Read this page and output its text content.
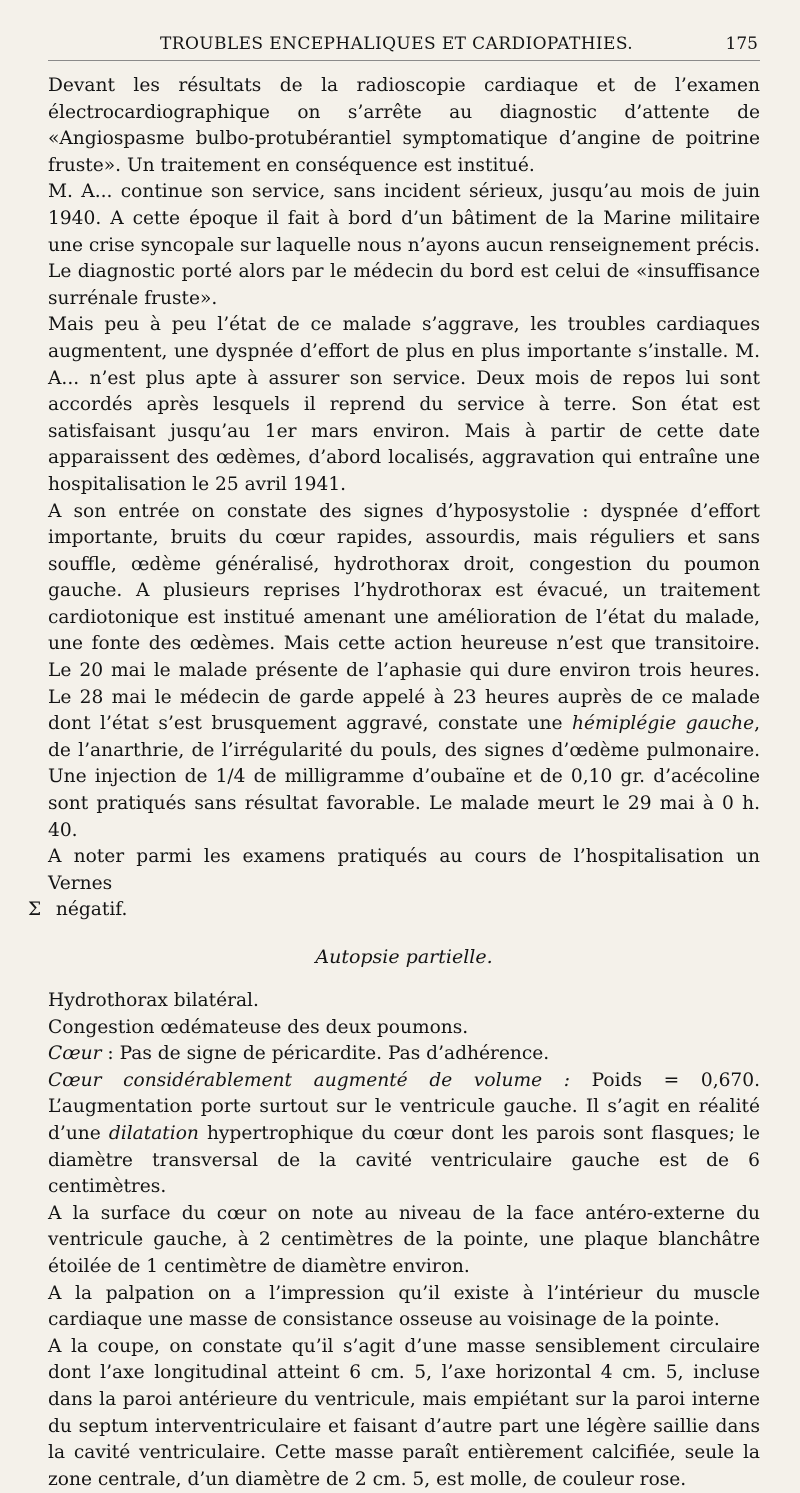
TROUBLES ENCEPHALIQUES ET CARDIOPATHIES.	175

Devant les résultats de la radioscopie cardiaque et de l’examen électrocardiographique on s’arrête au diagnostic d’attente de «Angiospasme bulbo-protubérantiel symptomatique d’angine de poitrine fruste». Un traitement en conséquence est institué.

M. A... continue son service, sans incident sérieux, jusqu’au mois de juin 1940. A cette époque il fait à bord d’un bâtiment de la Marine militaire une crise syncopale sur laquelle nous n’ayons aucun renseignement précis. Le diagnostic porté alors par le médecin du bord est celui de «insuffisance surrénale fruste».

Mais peu à peu l’état de ce malade s’aggrave, les troubles cardiaques augmentent, une dyspnée d’effort de plus en plus importante s’installe. M. A... n’est plus apte à assurer son service. Deux mois de repos lui sont accordés après lesquels il reprend du service à terre. Son état est satisfaisant jusqu’au 1er mars environ. Mais à partir de cette date apparaissent des œdèmes, d’abord localisés, aggravation qui entraîne une hospitalisation le 25 avril 1941.

A son entrée on constate des signes d’hyposystolie : dyspnée d’effort importante, bruits du cœur rapides, assourdis, mais réguliers et sans souffle, œdème généralisé, hydrothorax droit, congestion du poumon gauche. A plusieurs reprises l’hydrothorax est évacué, un traitement cardiotonique est institué amenant une amélioration de l’état du malade, une fonte des œdèmes. Mais cette action heureuse n’est que transitoire. Le 20 mai le malade présente de l’aphasie qui dure environ trois heures. Le 28 mai le médecin de garde appelé à 23 heures auprès de ce malade dont l’état s’est brusquement aggravé, constate une hémiplégie gauche, de l’anarthrie, de l’irrégularité du pouls, des signes d’œdème pulmonaire. Une injection de 1/4 de milligramme d’oubaïne et de 0,10 gr. d’acécoline sont pratiqués sans résultat favorable. Le malade meurt le 29 mai à 0 h. 40.

A noter parmi les examens pratiqués au cours de l’hospitalisation un Vernes
Σ négatif.

Autopsie partielle.

Hydrothorax bilatéral.

Congestion œdémateuse des deux poumons.

Cœur : Pas de signe de péricardite. Pas d’adhérence.

Cœur considérablement augmenté de volume : Poids = 0,670. L’augmentation porte surtout sur le ventricule gauche. Il s’agit en réalité d’une dilatation hypertrophique du cœur dont les parois sont flasques; le diamètre transversal de la cavité ventriculaire gauche est de 6 centimètres.

A la surface du cœur on note au niveau de la face antéro-externe du ventricule gauche, à 2 centimètres de la pointe, une plaque blanchâtre étoilée de 1 centimètre de diamètre environ.

A la palpation on a l’impression qu’il existe à l’intérieur du muscle cardiaque une masse de consistance osseuse au voisinage de la pointe.

A la coupe, on constate qu’il s’agit d’une masse sensiblement circulaire dont l’axe longitudinal atteint 6 cm. 5, l’axe horizontal 4 cm. 5, incluse dans la paroi antérieure du ventricule, mais empiétant sur la paroi interne du septum interventriculaire et faisant d’autre part une légère saillie dans la cavité ventriculaire. Cette masse paraît entièrement calcifiée, seule la zone centrale, d’un diamètre de 2 cm. 5, est molle, de couleur rose.
